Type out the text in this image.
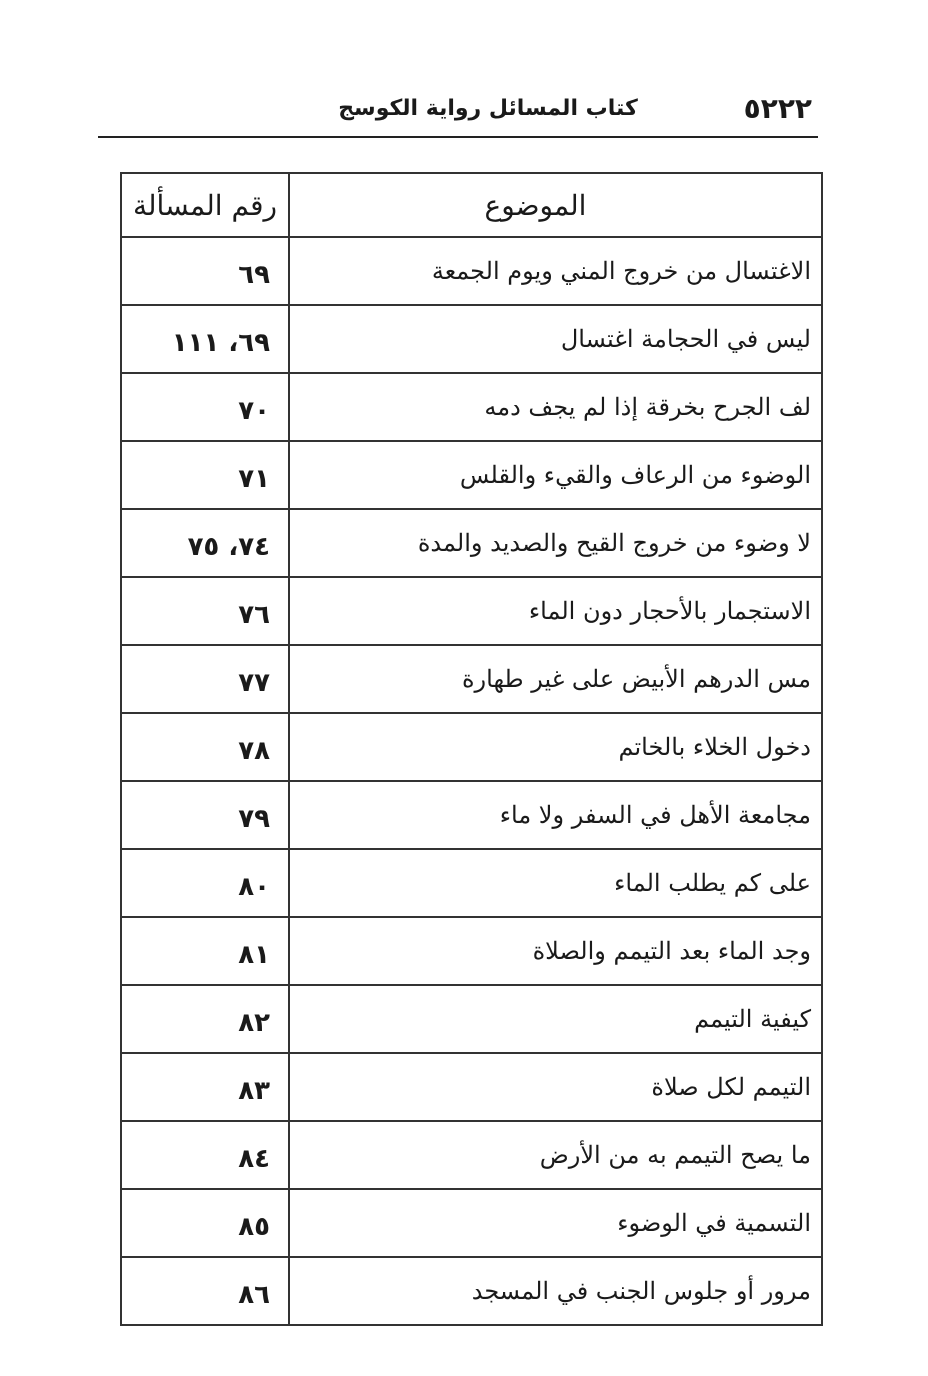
٥٢٢٢
كتاب المسائل رواية الكوسج
الموضوع	رقم المسألة
الاغتسال من خروج المني ويوم الجمعة	٦٩
ليس في الحجامة اغتسال	٦٩، ١١١
لف الجرح بخرقة إذا لم يجف دمه	٧٠
الوضوء من الرعاف والقيء والقلس	٧١
لا وضوء من خروج القيح والصديد والمدة	٧٤، ٧٥
الاستجمار بالأحجار دون الماء	٧٦
مس الدرهم الأبيض على غير طهارة	٧٧
دخول الخلاء بالخاتم	٧٨
مجامعة الأهل في السفر ولا ماء	٧٩
على كم يطلب الماء	٨٠
وجد الماء بعد التيمم والصلاة	٨١
كيفية التيمم	٨٢
التيمم لكل صلاة	٨٣
ما يصح التيمم به من الأرض	٨٤
التسمية في الوضوء	٨٥
مرور أو جلوس الجنب في المسجد	٨٦
